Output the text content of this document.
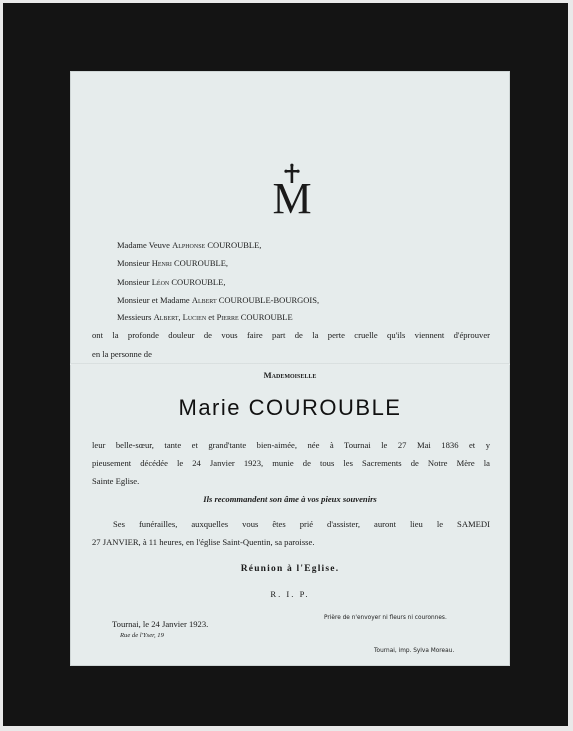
M
Madame Veuve Alphonse COUROUBLE,
Monsieur Henri COUROUBLE,
Monsieur Léon COUROUBLE,
Monsieur et Madame Albert COUROUBLE-BOURGOIS,
Messieurs Albert, Lucien et Pierre COUROUBLE
ont la profonde douleur de vous faire part de la perte cruelle qu'ils viennent d'éprouver
en la personne de
Mademoiselle
Marie COUROUBLE
leur belle-sœur, tante et grand'tante bien-aimée, née à Tournai le 27 Mai 1836 et y
pieusement décédée le 24 Janvier 1923, munie de tous les Sacrements de Notre Mère la
Sainte Eglise.
Ils recommandent son âme à vos pieux souvenirs
Ses funérailles, auxquelles vous êtes prié d'assister, auront lieu le SAMEDI
27 JANVIER, à 11 heures, en l'église Saint-Quentin, sa paroisse.
Réunion à l'Eglise.
R. I. P.
Tournai, le 24 Janvier 1923.
Rue de l'Yser, 19
Prière de n'envoyer ni fleurs ni couronnes.
Tournai, imp. Sylva Moreau.
